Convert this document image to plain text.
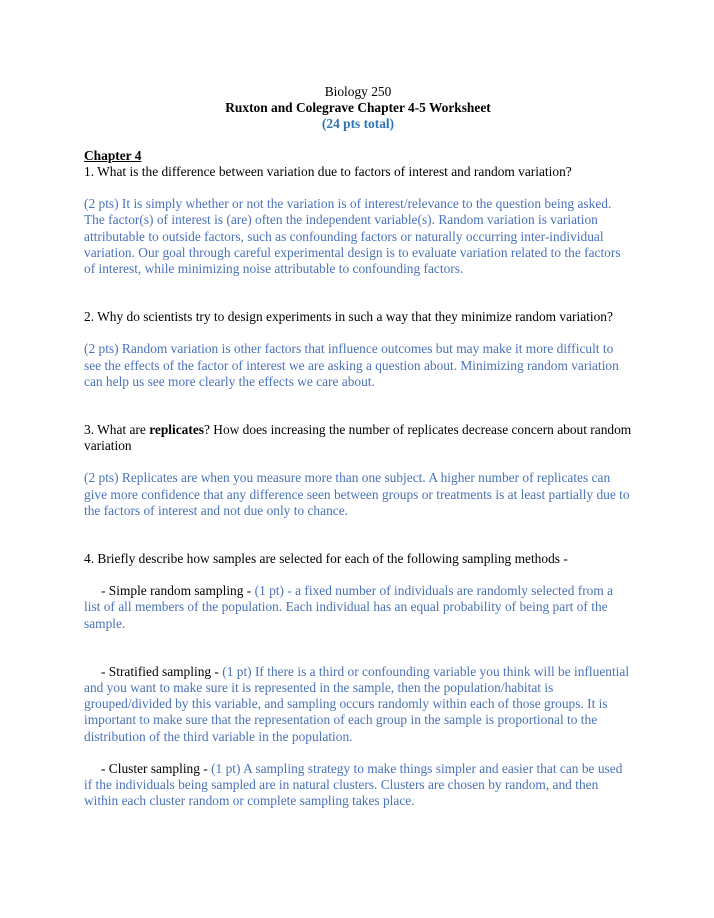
Biology 250
Ruxton and Colegrave Chapter 4-5 Worksheet
(24 pts total)
Chapter 4
1. What is the difference between variation due to factors of interest and random variation?
(2 pts) It is simply whether or not the variation is of interest/relevance to the question being asked. The factor(s) of interest is (are) often the independent variable(s). Random variation is variation attributable to outside factors, such as confounding factors or naturally occurring inter-individual variation. Our goal through careful experimental design is to evaluate variation related to the factors of interest, while minimizing noise attributable to confounding factors.
2. Why do scientists try to design experiments in such a way that they minimize random variation?
(2 pts) Random variation is other factors that influence outcomes but may make it more difficult to see the effects of the factor of interest we are asking a question about. Minimizing random variation can help us see more clearly the effects we care about.
3. What are replicates? How does increasing the number of replicates decrease concern about random variation
(2 pts) Replicates are when you measure more than one subject. A higher number of replicates can give more confidence that any difference seen between groups or treatments is at least partially due to the factors of interest and not due only to chance.
4. Briefly describe how samples are selected for each of the following sampling methods -
- Simple random sampling - (1 pt) - a fixed number of individuals are randomly selected from a list of all members of the population. Each individual has an equal probability of being part of the sample.
- Stratified sampling - (1 pt) If there is a third or confounding variable you think will be influential and you want to make sure it is represented in the sample, then the population/habitat is grouped/divided by this variable, and sampling occurs randomly within each of those groups. It is important to make sure that the representation of each group in the sample is proportional to the distribution of the third variable in the population.
- Cluster sampling - (1 pt) A sampling strategy to make things simpler and easier that can be used if the individuals being sampled are in natural clusters. Clusters are chosen by random, and then within each cluster random or complete sampling takes place.
